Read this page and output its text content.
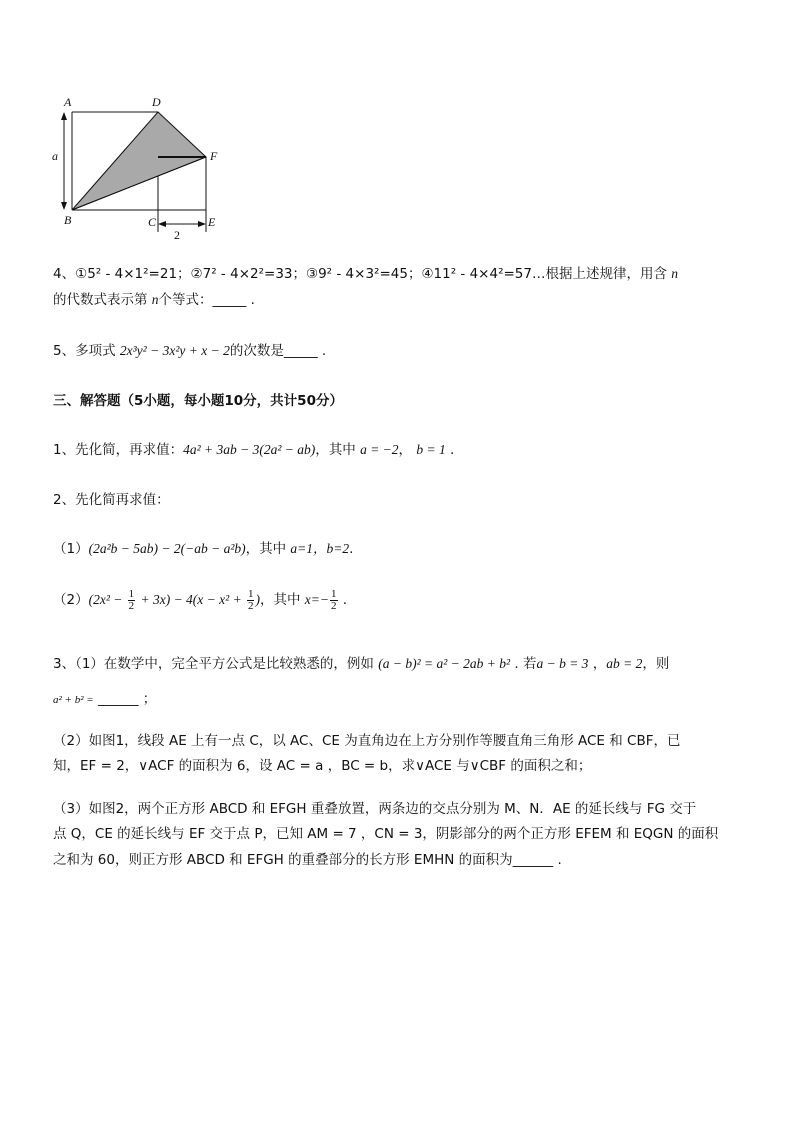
A	D
a	F
B	C	E
2
4、①5² - 4×1²=21；②7² - 4×2²=33；③9² - 4×3²=45；④11² - 4×4²=57…根据上述规律，用含 n
的代数式表示第 n个等式：_____ .
5、多项式 2x³y² − 3x²y + x − 2的次数是_____ .
三、解答题（5小题，每小题10分，共计50分）
1、先化简，再求值：4a² + 3ab − 3(2a² − ab)，其中 a = −2， b = 1 .
2、先化简再求值：
（1）(2a²b − 5ab) − 2(−ab − a²b)，其中 a=1，b=2.
$(2)(2x^2 - \frac{1}{2} + 3x) - 4(x - x^2 + \frac{1}{2}$ )，其中 $x=- \frac{1}{2}$ .
3、（1）在数学中，完全平方公式是比较熟悉的，例如 (a − b)² = a² − 2ab + b² . 若a − b = 3 ，ab = 2，则
a² + b² = ______ ；
（2）如图1，线段 AE 上有一点 C，以 AC、CE 为直角边在上方分别作等腰直角三角形 ACE 和 CBF，已
知，EF = 2，∨ACF 的面积为 6，设 AC = a ，BC = b，求∨ACE 与∨CBF 的面积之和；
（3）如图2，两个正方形 ABCD 和 EFGH 重叠放置，两条边的交点分别为 M、N．AE 的延长线与 FG 交于
点 Q，CE 的延长线与 EF 交于点 P，已知 AM = 7 ，CN = 3，阴影部分的两个正方形 EFEM 和 EQGN 的面积
之和为 60，则正方形 ABCD 和 EFGH 的重叠部分的长方形 EMHN 的面积为______ .
